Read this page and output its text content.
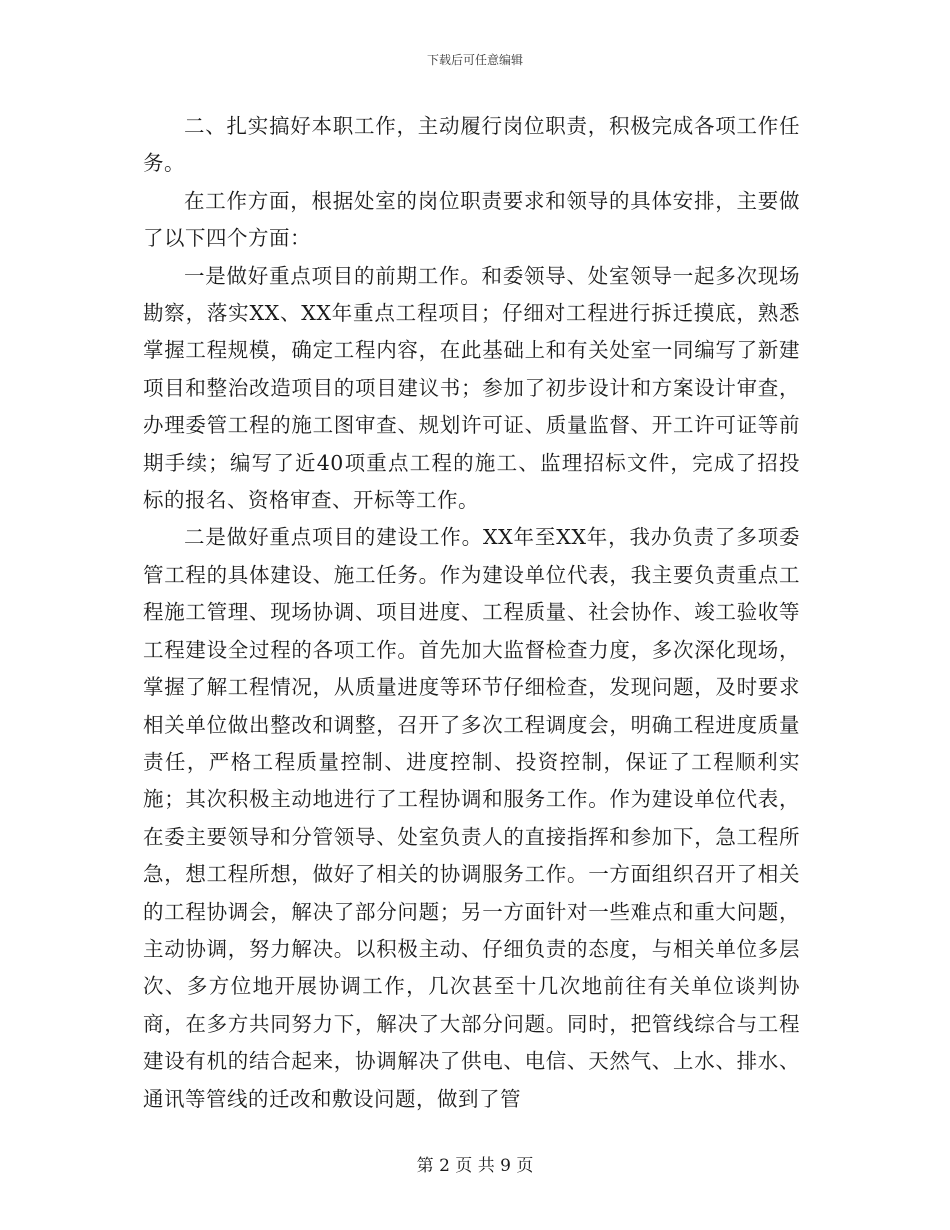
下载后可任意编辑

二、扎实搞好本职工作，主动履行岗位职责，积极完成各项工作任务。

在工作方面，根据处室的岗位职责要求和领导的具体安排，主要做了以下四个方面：

一是做好重点项目的前期工作。和委领导、处室领导一起多次现场勘察，落实XX、XX年重点工程项目；仔细对工程进行拆迁摸底，熟悉掌握工程规模，确定工程内容，在此基础上和有关处室一同编写了新建项目和整治改造项目的项目建议书；参加了初步设计和方案设计审查，办理委管工程的施工图审查、规划许可证、质量监督、开工许可证等前期手续；编写了近40项重点工程的施工、监理招标文件，完成了招投标的报名、资格审查、开标等工作。

二是做好重点项目的建设工作。XX年至XX年，我办负责了多项委管工程的具体建设、施工任务。作为建设单位代表，我主要负责重点工程施工管理、现场协调、项目进度、工程质量、社会协作、竣工验收等工程建设全过程的各项工作。首先加大监督检查力度，多次深化现场，掌握了解工程情况，从质量进度等环节仔细检查，发现问题，及时要求相关单位做出整改和调整，召开了多次工程调度会，明确工程进度质量责任，严格工程质量控制、进度控制、投资控制，保证了工程顺利实施；其次积极主动地进行了工程协调和服务工作。作为建设单位代表，在委主要领导和分管领导、处室负责人的直接指挥和参加下，急工程所急，想工程所想，做好了相关的协调服务工作。一方面组织召开了相关的工程协调会，解决了部分问题；另一方面针对一些难点和重大问题，主动协调，努力解决。以积极主动、仔细负责的态度，与相关单位多层次、多方位地开展协调工作，几次甚至十几次地前往有关单位谈判协商，在多方共同努力下，解决了大部分问题。同时，把管线综合与工程建设有机的结合起来，协调解决了供电、电信、天然气、上水、排水、通讯等管线的迁改和敷设问题，做到了管

第 2 页 共 9 页
